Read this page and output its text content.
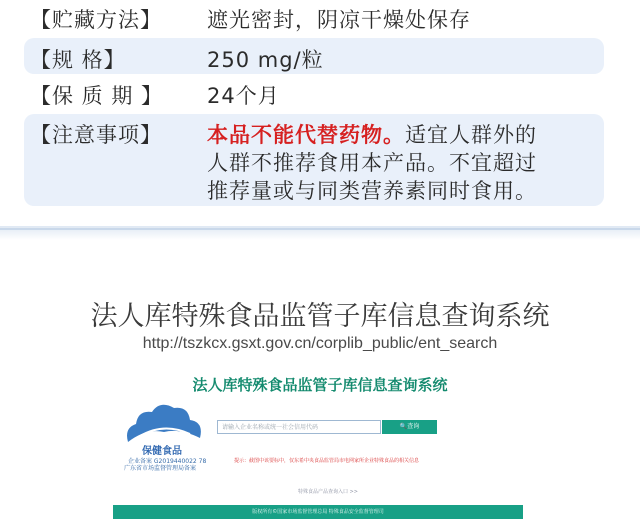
【贮藏方法】 遮光密封，阴凉干燥处保存
【规 格】	250 mg/粒
【保 质 期 】 24个月
【注意事项】 本品不能代替药物。适宜人群外的
人群不推荐食用本产品。不宜超过
推荐量或与同类营养素同时食用。
法人库特殊食品监管子库信息查询系统
http://tszkcx.gsxt.gov.cn/corplib_public/ent_search
法人库特殊食品监管子库信息查询系统
保健食品
企业备案 G2019440022 78
广东省市场监督管理局备案
请输入企业名称或统一社会信用代码	🔍查询
提示：截图中该要标中，仅东希中央食品监管局市电网家所企业特殊食品的相关信息
特殊食品产品查询入口 >>
版权所有©国家市场监督管理总局 特殊食品安全监督管理司
